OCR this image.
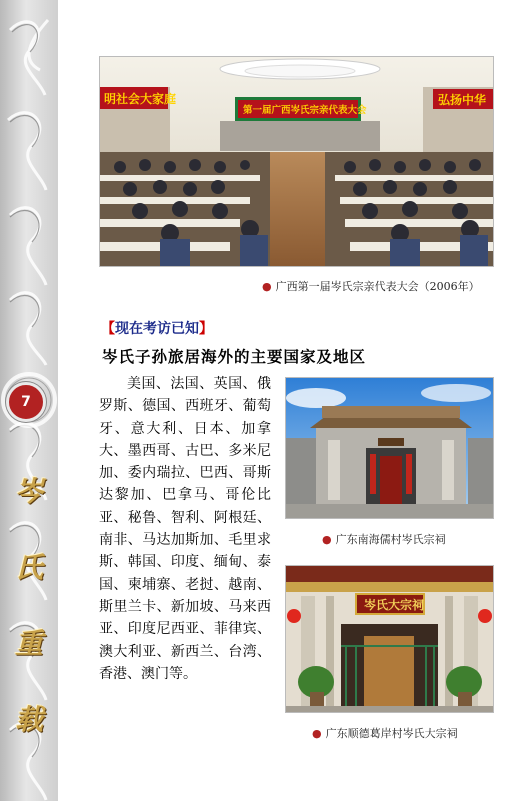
7
岑
氏
重
载
明社会大家庭	弘扬中华
第一届广西岑氏宗亲代表大会
● 广西第一届岑氏宗亲代表大会（2006年）
【现在考访已知】
岑氏子孙旅居海外的主要国家及地区
美国、法国、英国、俄罗斯、德国、西班牙、葡萄牙、意大利、日本、加拿大、墨西哥、古巴、多米尼加、委内瑞拉、巴西、哥斯达黎加、巴拿马、哥伦比亚、秘鲁、智利、阿根廷、南非、马达加斯加、毛里求斯、韩国、印度、缅甸、泰国、柬埔寨、老挝、越南、斯里兰卡、新加坡、马来西亚、印度尼西亚、菲律宾、澳大利亚、新西兰、台湾、香港、澳门等。
● 广东南海儒村岑氏宗祠
岑氏大宗祠
● 广东顺德葛岸村岑氏大宗祠
